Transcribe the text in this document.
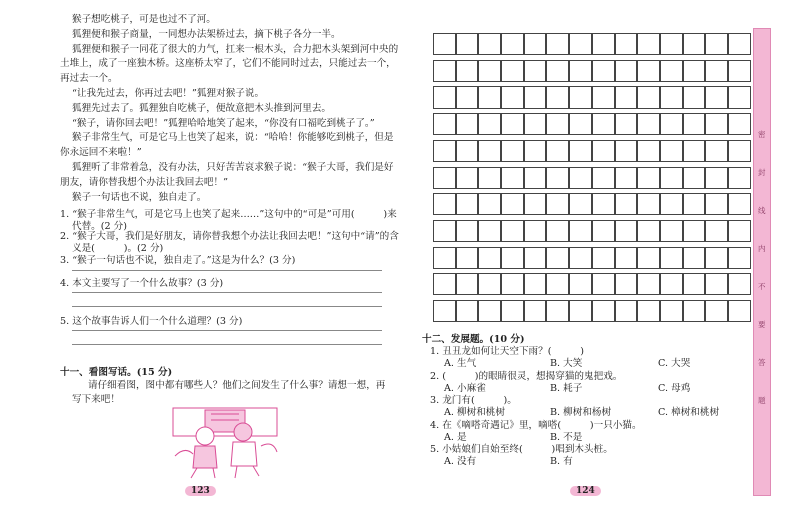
猴子想吃桃子，可是也过不了河。
狐狸便和猴子商量，一同想办法架桥过去，摘下桃子各分一半。
狐狸便和猴子一同花了很大的力气，扛来一根木头，合力把木头架到河中央的
土堆上，成了一座独木桥。这座桥太窄了，它们不能同时过去，只能过去一个，
再过去一个。
“让我先过去，你再过去吧！”狐狸对猴子说。
狐狸先过去了。狐狸独自吃桃子，便故意把木头推到河里去。
“猴子，请你回去吧！”狐狸哈哈地笑了起来，“你没有口福吃到桃子了。”
猴子非常生气，可是它马上也笑了起来，说：“哈哈！你能够吃到桃子，但是
你永远回不来啦！”
狐狸听了非常着急，没有办法，只好苦苦哀求猴子说：“猴子大哥，我们是好
朋友，请你替我想个办法让我回去吧！”
猴子一句话也不说，独自走了。
1. “猴子非常生气，可是它马上也笑了起来……”这句中的“可是”可用(　　　)来
代替。(2 分)
2. “猴子大哥，我们是好朋友，请你替我想个办法让我回去吧！”这句中“请”的含
义是(　　　)。(2 分)
3. “猴子一句话也不说，独自走了。”这是为什么？(3 分)
4. 本文主要写了一个什么故事？(3 分)
5. 这个故事告诉人们一个什么道理？(3 分)
十一、看图写话。(15 分)
请仔细看图，图中都有哪些人？他们之间发生了什么事？请想一想，再
写下来吧！
123
十二、发展题。(10 分)
1. 丑丑龙如何让天空下雨？(　　　)
A. 生气	B. 大笑	C. 大哭
2. (　　　)的眼睛很灵，想揭穿猫的鬼把戏。
A. 小麻雀	B. 耗子	C. 母鸡
3. 龙门有(　　　)。
A. 柳树和桃树	B. 柳树和杨树	C. 樟树和桃树
4. 在《嘀嗒奇遇记》里，嘀嗒(　　　)一只小猫。
A. 是	B. 不是
5. 小姑娘们自始至终(　　　)唱到木头桩。
A. 没有	B. 有
124
密
封
线
内
不
要
答
题
